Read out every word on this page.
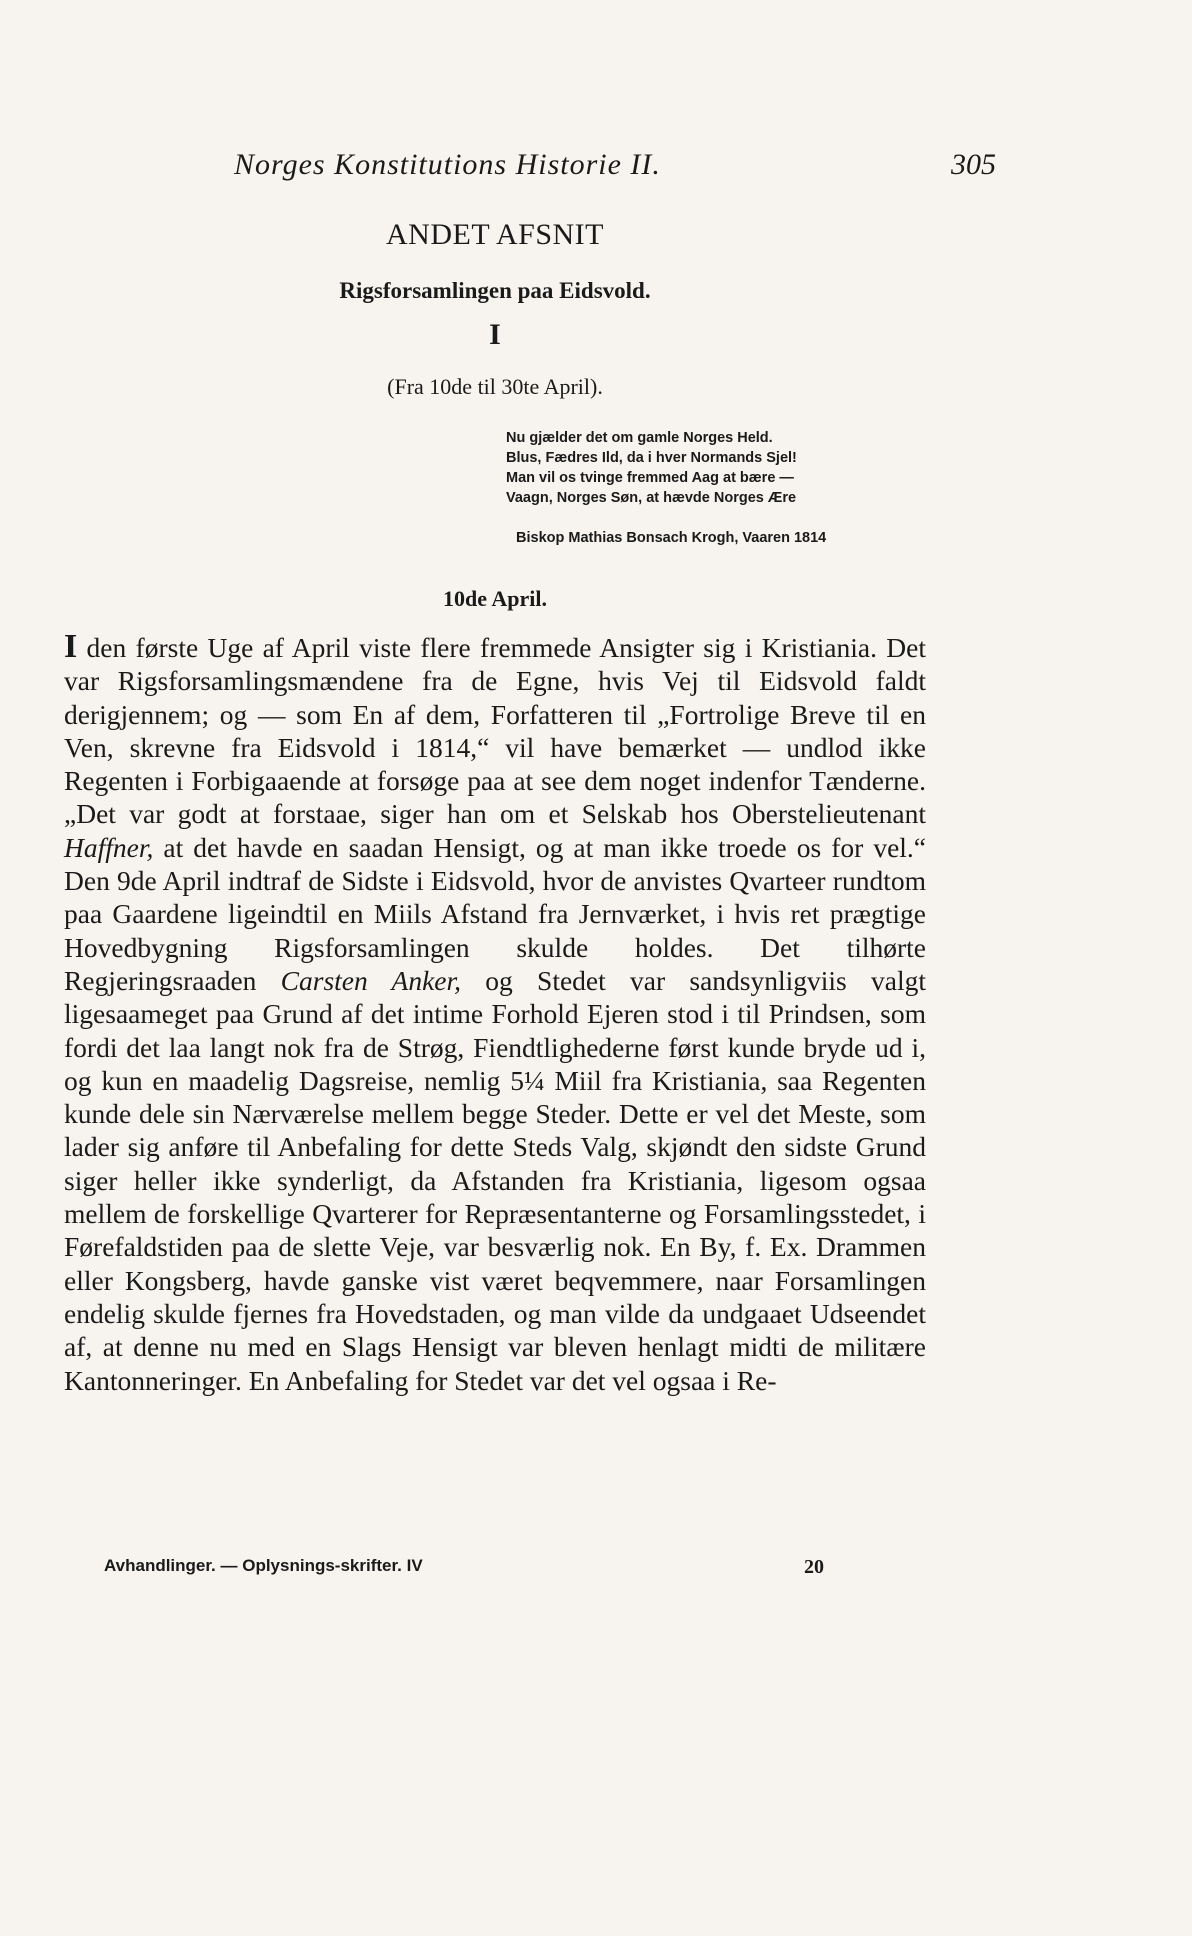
Norges Konstitutions Historie II.	305
ANDET AFSNIT
Rigsforsamlingen paa Eidsvold.
I
(Fra 10de til 30te April).
Nu gjælder det om gamle Norges Held.
Blus, Fædres Ild, da i hver Normands Sjel!
Man vil os tvinge fremmed Aag at bære —
Vaagn, Norges Søn, at hævde Norges Ære
Biskop Mathias Bonsach Krogh, Vaaren 1814
10de April.
I den første Uge af April viste flere fremmede Ansigter sig i Kristiania. Det var Rigsforsamlingsmændene fra de Egne, hvis Vej til Eidsvold faldt derigjennem; og — som En af dem, Forfatteren til „Fortrolige Breve til en Ven, skrevne fra Eidsvold i 1814,“ vil have bemærket — undlod ikke Regenten i Forbigaaende at forsøge paa at see dem noget indenfor Tænderne. „Det var godt at forstaae, siger han om et Selskab hos Oberstelieutenant Haffner, at det havde en saadan Hensigt, og at man ikke troede os for vel.“ Den 9de April indtraf de Sidste i Eidsvold, hvor de anvistes Qvarteer rundtom paa Gaardene ligeindtil en Miils Afstand fra Jernværket, i hvis ret prægtige Hovedbygning Rigsforsamlingen skulde holdes. Det tilhørte Regjeringsraaden Carsten Anker, og Stedet var sandsynligviis valgt ligesaameget paa Grund af det intime Forhold Ejeren stod i til Prindsen, som fordi det laa langt nok fra de Strøg, Fiendtlighederne først kunde bryde ud i, og kun en maadelig Dagsreise, nemlig 5¼ Miil fra Kristiania, saa Regenten kunde dele sin Nærværelse mellem begge Steder. Dette er vel det Meste, som lader sig anføre til Anbefaling for dette Steds Valg, skjøndt den sidste Grund siger heller ikke synderligt, da Afstanden fra Kristiania, ligesom ogsaa mellem de forskellige Qvarterer for Repræsentanterne og Forsamlingsstedet, i Førefaldstiden paa de slette Veje, var besværlig nok. En By, f. Ex. Drammen eller Kongsberg, havde ganske vist været beqvemmere, naar Forsamlingen endelig skulde fjernes fra Hovedstaden, og man vilde da undgaaet Udseendet af, at denne nu med en Slags Hensigt var bleven henlagt midti de militære Kantonneringer. En Anbefaling for Stedet var det vel ogsaa i Re-
Avhandlinger. — Oplysnings-skrifter. IV	20
